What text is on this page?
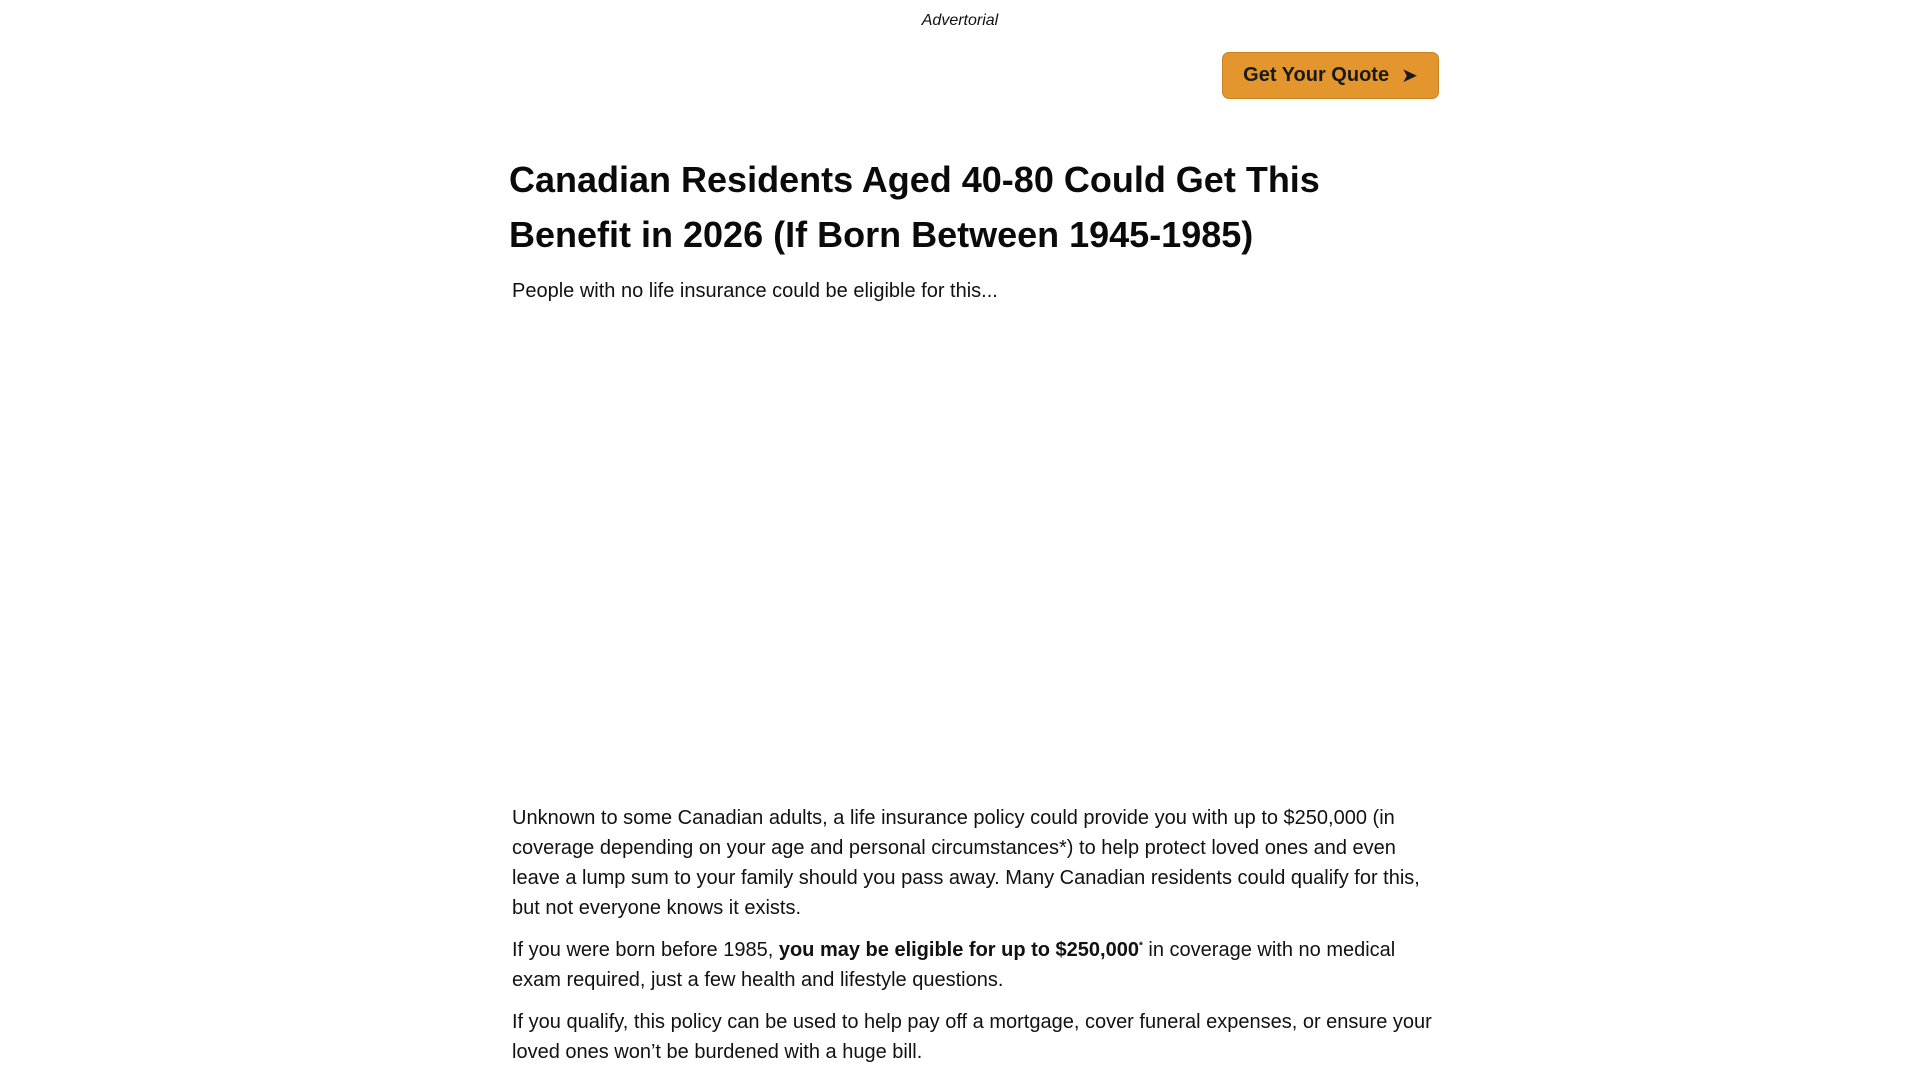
Advertorial
Get Your Quote ➤
Canadian Residents Aged 40-80 Could Get This Benefit in 2026 (If Born Between 1945-1985)

People with no life insurance could be eligible for this...

Unknown to some Canadian adults, a life insurance policy could provide you with up to $250,000 (in coverage depending on your age and personal circumstances*) to help protect loved ones and even leave a lump sum to your family should you pass away. Many Canadian residents could qualify for this, but not everyone knows it exists.

If you were born before 1985, you may be eligible for up to $250,000* in coverage with no medical exam required, just a few health and lifestyle questions.

If you qualify, this policy can be used to help pay off a mortgage, cover funeral expenses, or ensure your loved ones won’t be burdened with a huge bill.
